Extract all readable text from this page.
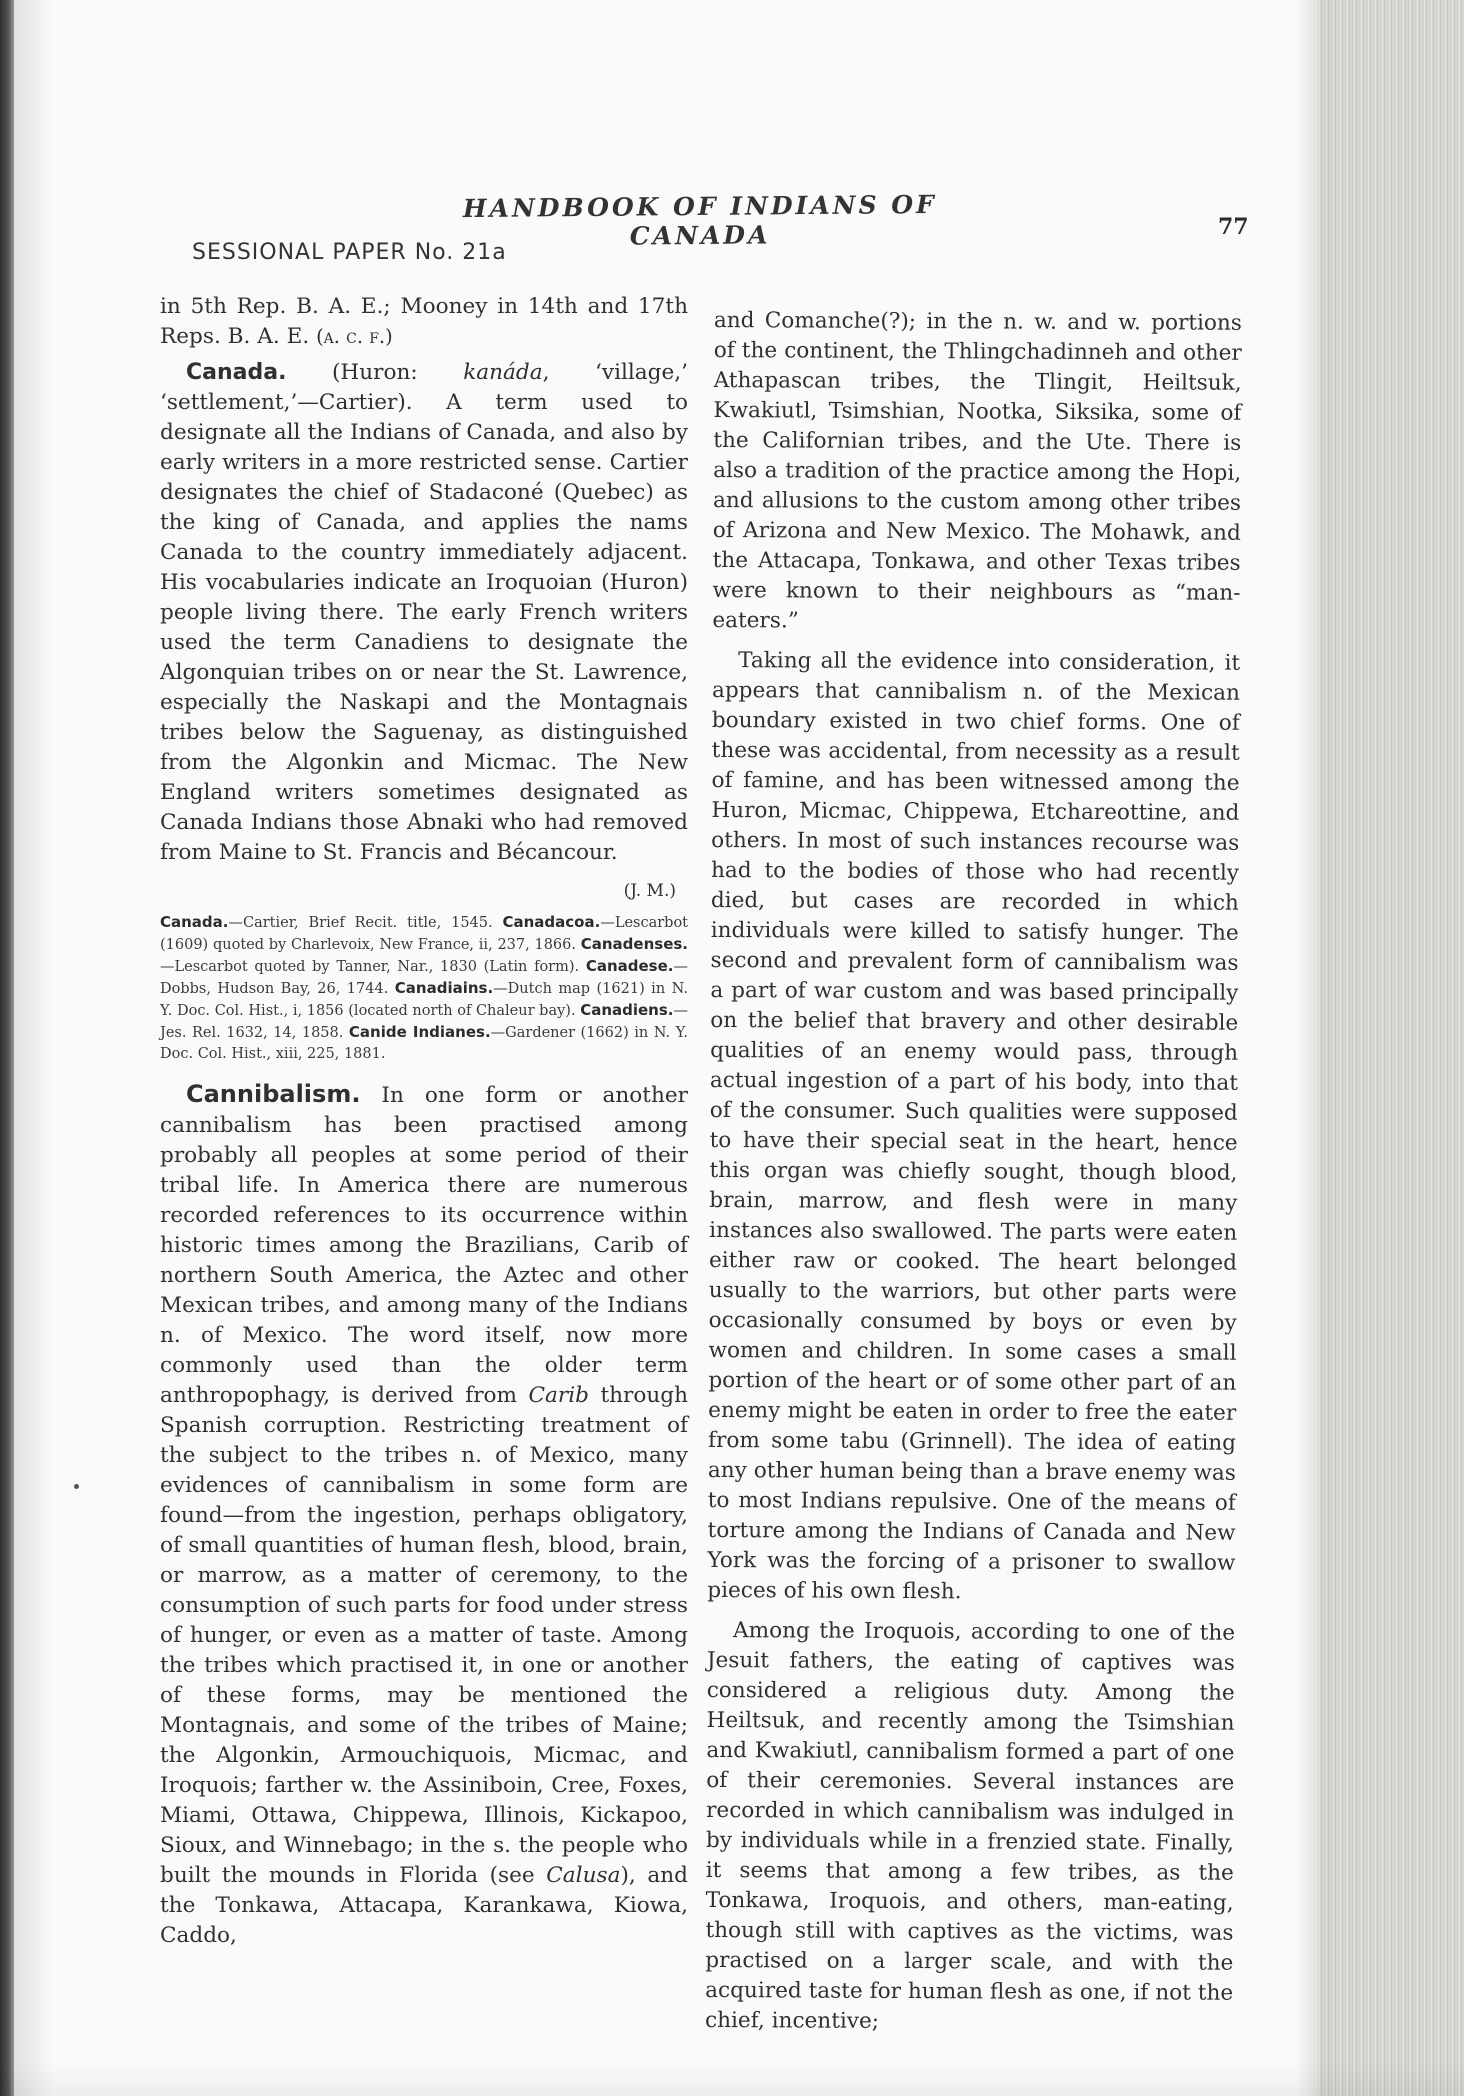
HANDBOOK OF INDIANS OF CANADA	77
SESSIONAL PAPER No. 21a

in 5th Rep. B. A. E.; Mooney in 14th and 17th Reps. B. A. E. (a. c. f.)

Canada. (Huron: kanáda, ‘village,’ ‘settlement,’—Cartier). A term used to designate all the Indians of Canada, and also by early writers in a more restricted sense. Cartier designates the chief of Stadaconé (Quebec) as the king of Canada, and applies the nams Canada to the country immediately adjacent. His vocabularies indicate an Iroquoian (Huron) people living there. The early French writers used the term Canadiens to designate the Algonquian tribes on or near the St. Lawrence, especially the Naskapi and the Montagnais tribes below the Saguenay, as distinguished from the Algonkin and Micmac. The New England writers sometimes designated as Canada Indians those Abnaki who had removed from Maine to St. Francis and Bécancour.

(J. M.)
Canada.—Cartier, Brief Recit. title, 1545. Canadacoa.—Lescarbot (1609) quoted by Charlevoix, New France, ii, 237, 1866. Canadenses.—Lescarbot quoted by Tanner, Nar., 1830 (Latin form). Canadese.—Dobbs, Hudson Bay, 26, 1744. Canadiains.—Dutch map (1621) in N. Y. Doc. Col. Hist., i, 1856 (located north of Chaleur bay). Canadiens.—Jes. Rel. 1632, 14, 1858. Canide Indianes.—Gardener (1662) in N. Y. Doc. Col. Hist., xiii, 225, 1881.

Cannibalism. In one form or another cannibalism has been practised among probably all peoples at some period of their tribal life. In America there are numerous recorded references to its occurrence within historic times among the Brazilians, Carib of northern South America, the Aztec and other Mexican tribes, and among many of the Indians n. of Mexico. The word itself, now more commonly used than the older term anthropophagy, is derived from Carib through Spanish corruption. Restricting treatment of the subject to the tribes n. of Mexico, many evidences of cannibalism in some form are found—from the ingestion, perhaps obligatory, of small quantities of human flesh, blood, brain, or marrow, as a matter of ceremony, to the consumption of such parts for food under stress of hunger, or even as a matter of taste. Among the tribes which practised it, in one or another of these forms, may be mentioned the Montagnais, and some of the tribes of Maine; the Algonkin, Armouchiquois, Micmac, and Iroquois; farther w. the Assiniboin, Cree, Foxes, Miami, Ottawa, Chippewa, Illinois, Kickapoo, Sioux, and Winnebago; in the s. the people who built the mounds in Florida (see Calusa), and the Tonkawa, Attacapa, Karankawa, Kiowa, Caddo,

and Comanche(?); in the n. w. and w. portions of the continent, the Thlingchadinneh and other Athapascan tribes, the Tlingit, Heiltsuk, Kwakiutl, Tsimshian, Nootka, Siksika, some of the Californian tribes, and the Ute. There is also a tradition of the practice among the Hopi, and allusions to the custom among other tribes of Arizona and New Mexico. The Mohawk, and the Attacapa, Tonkawa, and other Texas tribes were known to their neighbours as “man-eaters.”

Taking all the evidence into consideration, it appears that cannibalism n. of the Mexican boundary existed in two chief forms. One of these was accidental, from necessity as a result of famine, and has been witnessed among the Huron, Micmac, Chippewa, Etchareottine, and others. In most of such instances recourse was had to the bodies of those who had recently died, but cases are recorded in which individuals were killed to satisfy hunger. The second and prevalent form of cannibalism was a part of war custom and was based principally on the belief that bravery and other desirable qualities of an enemy would pass, through actual ingestion of a part of his body, into that of the consumer. Such qualities were supposed to have their special seat in the heart, hence this organ was chiefly sought, though blood, brain, marrow, and flesh were in many instances also swallowed. The parts were eaten either raw or cooked. The heart belonged usually to the warriors, but other parts were occasionally consumed by boys or even by women and children. In some cases a small portion of the heart or of some other part of an enemy might be eaten in order to free the eater from some tabu (Grinnell). The idea of eating any other human being than a brave enemy was to most Indians repulsive. One of the means of torture among the Indians of Canada and New York was the forcing of a prisoner to swallow pieces of his own flesh.

Among the Iroquois, according to one of the Jesuit fathers, the eating of captives was considered a religious duty. Among the Heiltsuk, and recently among the Tsimshian and Kwakiutl, cannibalism formed a part of one of their ceremonies. Several instances are recorded in which cannibalism was indulged in by individuals while in a frenzied state. Finally, it seems that among a few tribes, as the Tonkawa, Iroquois, and others, man-eating, though still with captives as the victims, was practised on a larger scale, and with the acquired taste for human flesh as one, if not the chief, incentive;
